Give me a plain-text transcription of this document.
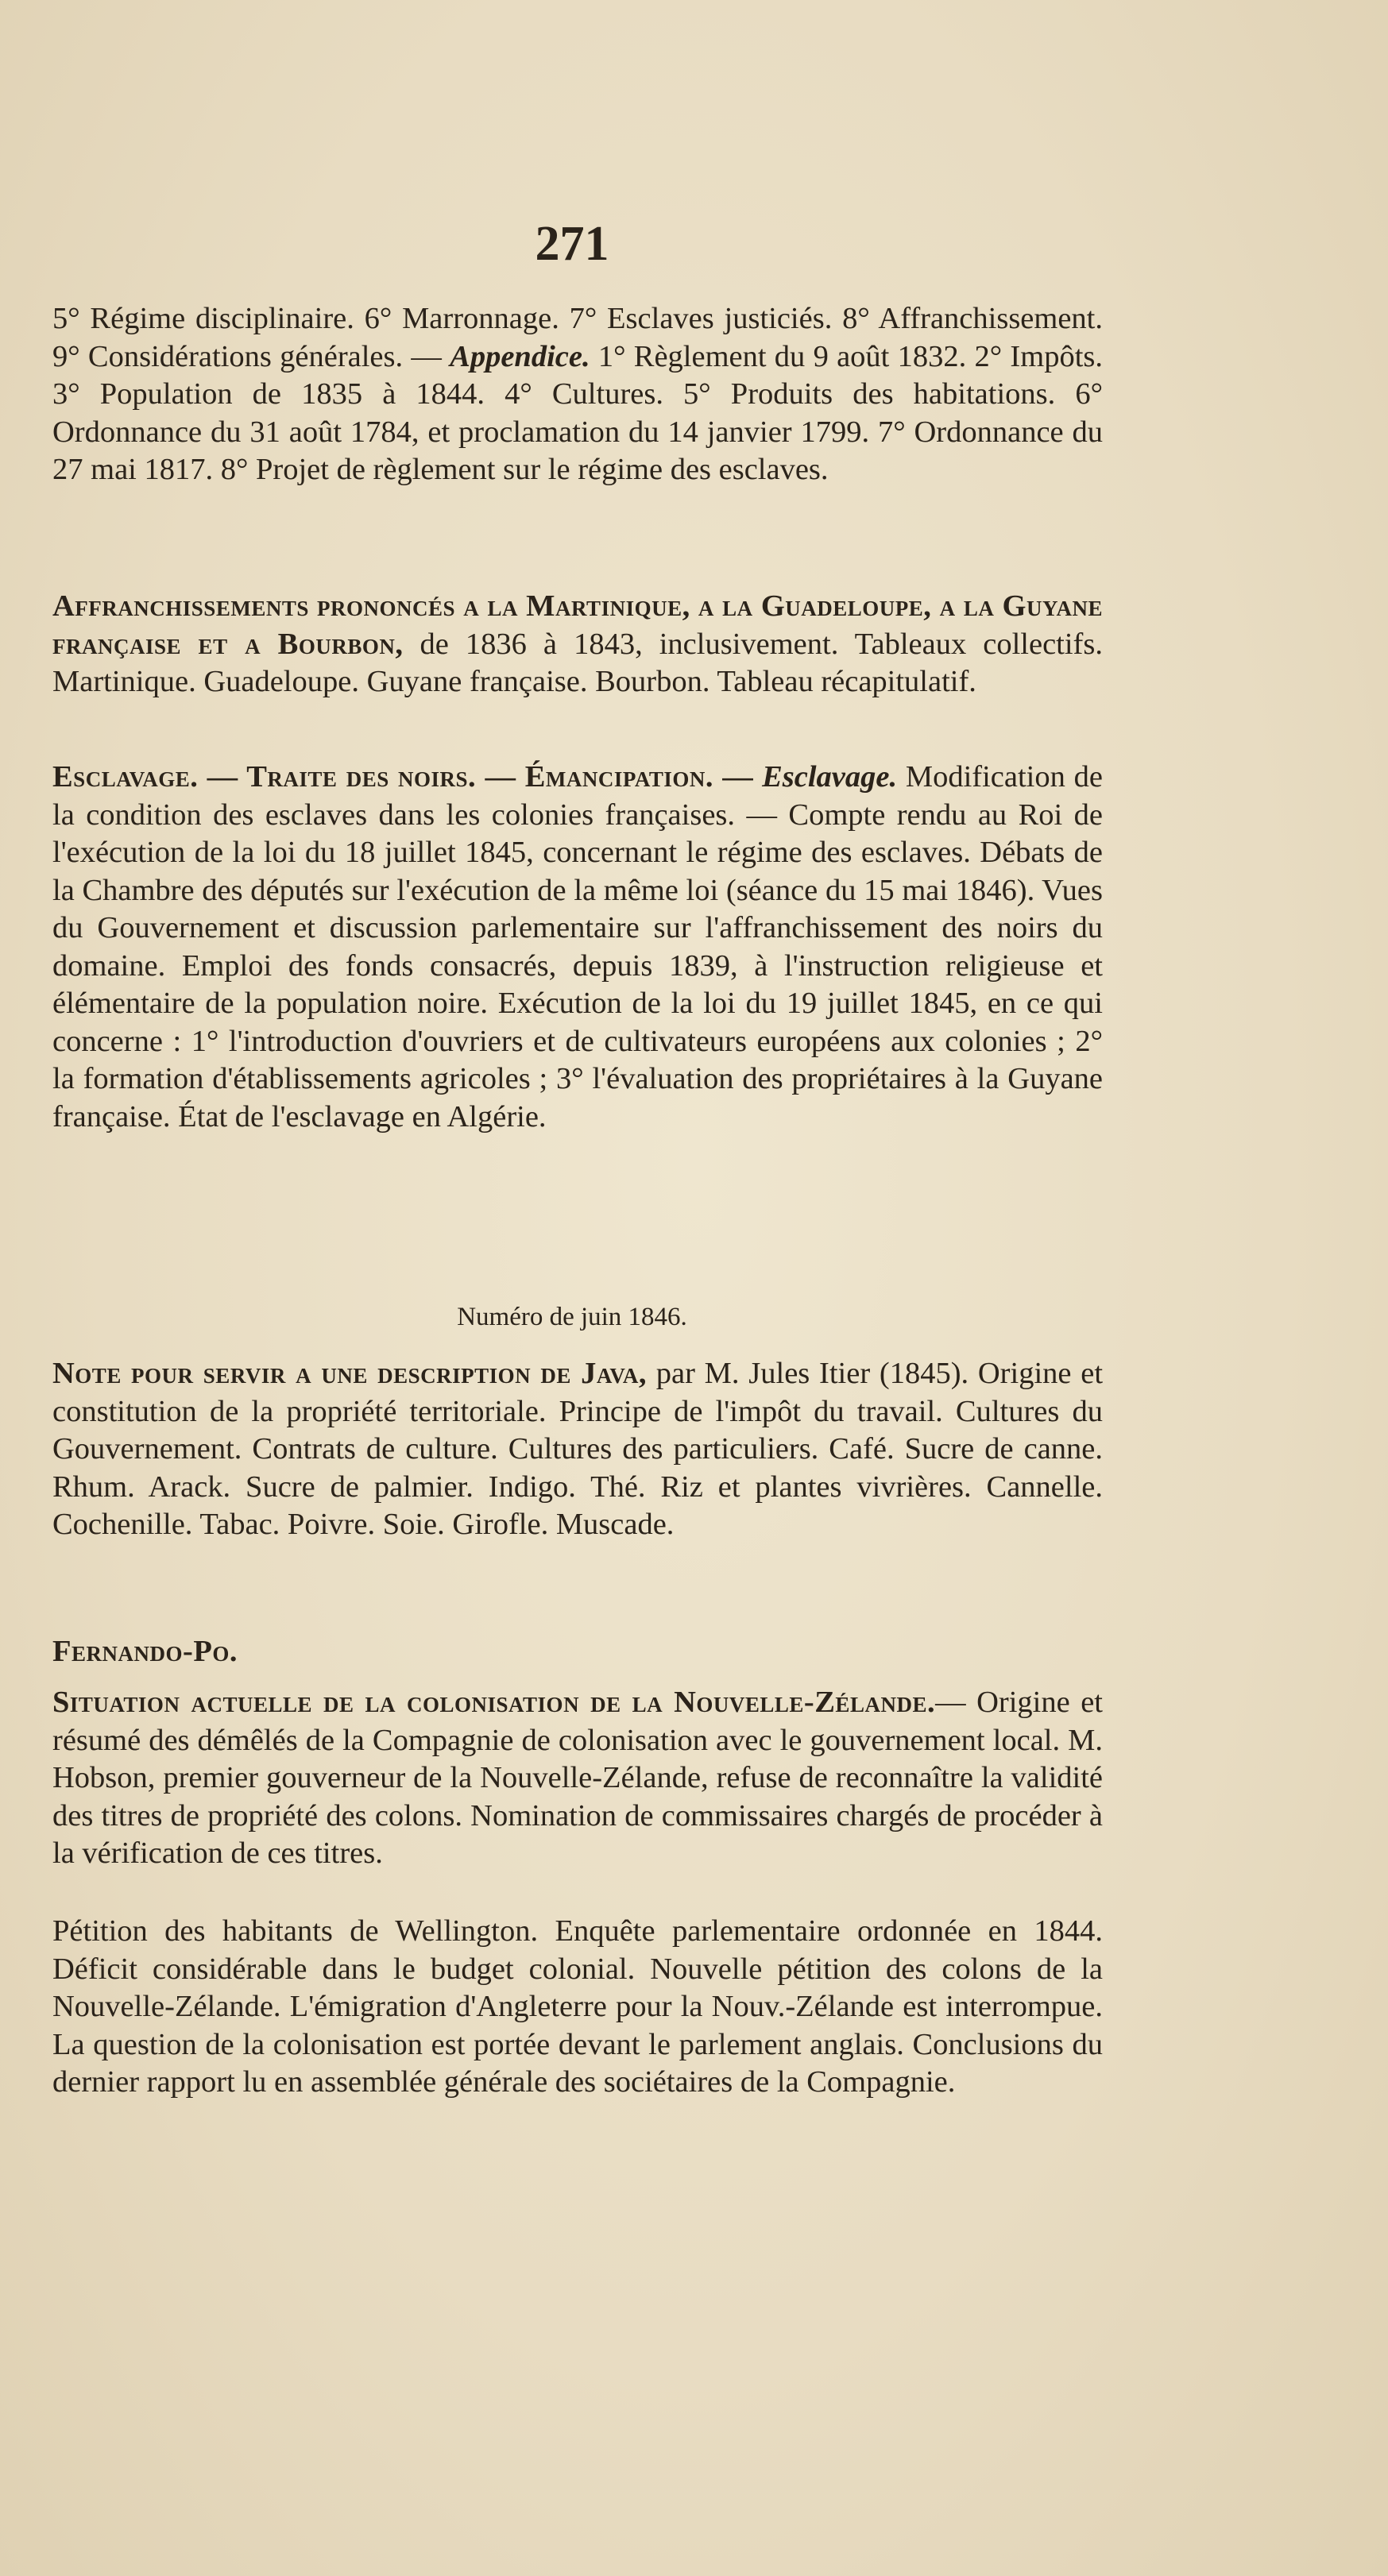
271

5° Régime disciplinaire. 6° Marronnage. 7° Esclaves justiciés. 8° Affranchissement. 9° Considérations générales. — Appendice. 1° Règlement du 9 août 1832. 2° Impôts. 3° Population de 1835 à 1844. 4° Cultures. 5° Produits des habitations. 6° Ordonnance du 31 août 1784, et proclamation du 14 janvier 1799. 7° Ordonnance du 27 mai 1817. 8° Projet de règlement sur le régime des esclaves.

Affranchissements prononcés a la Martinique, a la Guadeloupe, a la Guyane française et a Bourbon, de 1836 à 1843, inclusivement. Tableaux collectifs. Martinique. Guadeloupe. Guyane française. Bourbon. Tableau récapitulatif.

Esclavage. — Traite des noirs. — Émancipation. — Esclavage. Modification de la condition des esclaves dans les colonies françaises. — Compte rendu au Roi de l'exécution de la loi du 18 juillet 1845, concernant le régime des esclaves. Débats de la Chambre des députés sur l'exécution de la même loi (séance du 15 mai 1846). Vues du Gouvernement et discussion parlementaire sur l'affranchissement des noirs du domaine. Emploi des fonds consacrés, depuis 1839, à l'instruction religieuse et élémentaire de la population noire. Exécution de la loi du 19 juillet 1845, en ce qui concerne : 1° l'introduction d'ouvriers et de cultivateurs européens aux colonies ; 2° la formation d'établissements agricoles ; 3° l'évaluation des propriétaires à la Guyane française. État de l'esclavage en Algérie.

Numéro de juin 1846.

Note pour servir a une description de Java, par M. Jules Itier (1845). Origine et constitution de la propriété territoriale. Principe de l'impôt du travail. Cultures du Gouvernement. Contrats de culture. Cultures des particuliers. Café. Sucre de canne. Rhum. Arack. Sucre de palmier. Indigo. Thé. Riz et plantes vivrières. Cannelle. Cochenille. Tabac. Poivre. Soie. Girofle. Muscade.

Fernando-Po.

Situation actuelle de la colonisation de la Nouvelle-Zélande.— Origine et résumé des démêlés de la Compagnie de colonisation avec le gouvernement local. M. Hobson, premier gouverneur de la Nouvelle-Zélande, refuse de reconnaître la validité des titres de propriété des colons. Nomination de commissaires chargés de procéder à la vérification de ces titres.

Pétition des habitants de Wellington. Enquête parlementaire ordonnée en 1844. Déficit considérable dans le budget colonial. Nouvelle pétition des colons de la Nouvelle-Zélande. L'émigration d'Angleterre pour la Nouv.-Zélande est interrompue. La question de la colonisation est portée devant le parlement anglais. Conclusions du dernier rapport lu en assemblée générale des sociétaires de la Compagnie.
